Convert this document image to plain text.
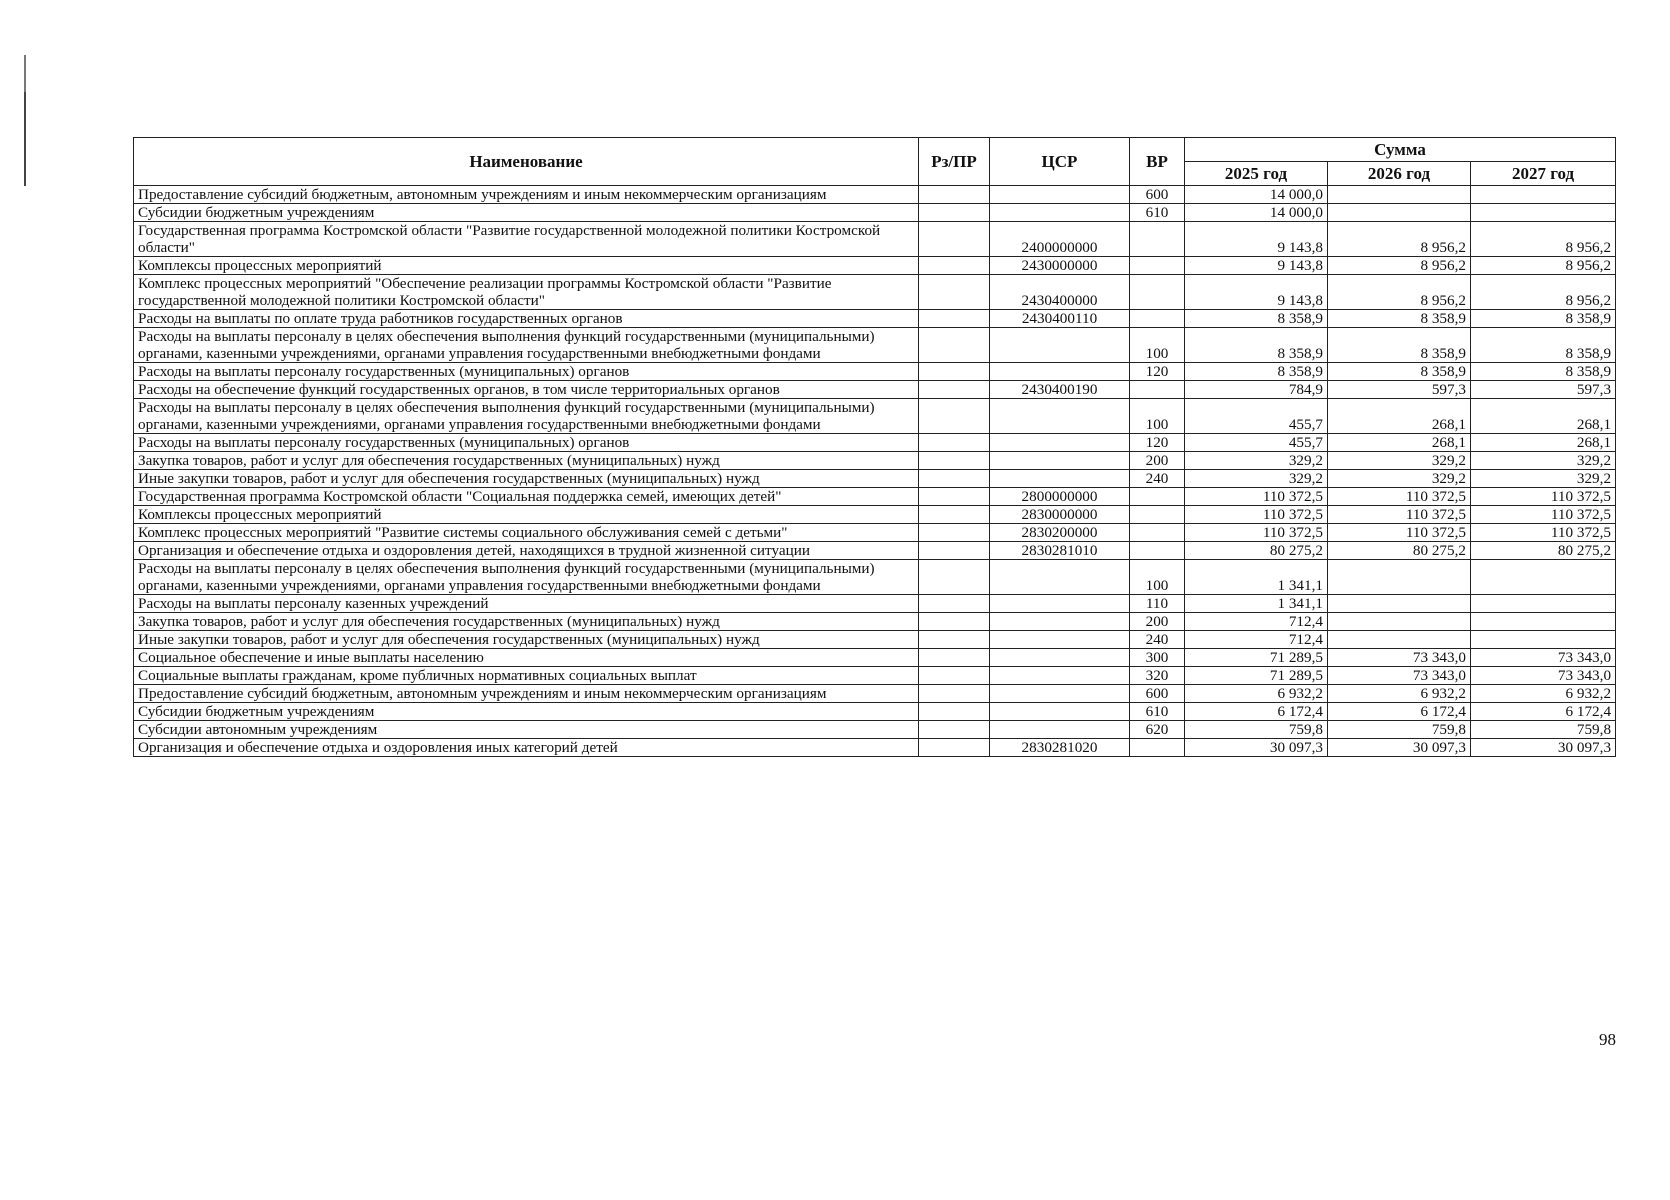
Наименование	Рз/ПР	ЦСР	ВР	Сумма		
				2025 год	2026 год	2027 год
Предоставление субсидий бюджетным, автономным учреждениям и иным некоммерческим организациям			600	14 000,0		
Субсидии бюджетным учреждениям			610	14 000,0		
Государственная программа Костромской области "Развитие государственной молодежной политики Костромской области"		2400000000		9 143,8	8 956,2	8 956,2
Комплексы процессных мероприятий		2430000000		9 143,8	8 956,2	8 956,2
Комплекс процессных мероприятий "Обеспечение реализации программы Костромской области "Развитие государственной молодежной политики Костромской области"		2430400000		9 143,8	8 956,2	8 956,2
Расходы на выплаты по оплате труда работников государственных органов		2430400110		8 358,9	8 358,9	8 358,9
Расходы на выплаты персоналу в целях обеспечения выполнения функций государственными (муниципальными) органами, казенными учреждениями, органами управления государственными внебюджетными фондами			100	8 358,9	8 358,9	8 358,9
Расходы на выплаты персоналу государственных (муниципальных) органов			120	8 358,9	8 358,9	8 358,9
Расходы на обеспечение функций государственных органов, в том числе территориальных органов		2430400190		784,9	597,3	597,3
Расходы на выплаты персоналу в целях обеспечения выполнения функций государственными (муниципальными) органами, казенными учреждениями, органами управления государственными внебюджетными фондами			100	455,7	268,1	268,1
Расходы на выплаты персоналу государственных (муниципальных) органов			120	455,7	268,1	268,1
Закупка товаров, работ и услуг для обеспечения государственных (муниципальных) нужд			200	329,2	329,2	329,2
Иные закупки товаров, работ и услуг для обеспечения государственных (муниципальных) нужд			240	329,2	329,2	329,2
Государственная программа Костромской области "Социальная поддержка семей, имеющих детей"		2800000000		110 372,5	110 372,5	110 372,5
Комплексы процессных мероприятий		2830000000		110 372,5	110 372,5	110 372,5
Комплекс процессных мероприятий "Развитие системы социального обслуживания семей с детьми"		2830200000		110 372,5	110 372,5	110 372,5
Организация и обеспечение отдыха и оздоровления детей, находящихся в трудной жизненной ситуации		2830281010		80 275,2	80 275,2	80 275,2
Расходы на выплаты персоналу в целях обеспечения выполнения функций государственными (муниципальными) органами, казенными учреждениями, органами управления государственными внебюджетными фондами			100	1 341,1		
Расходы на выплаты персоналу казенных учреждений			110	1 341,1		
Закупка товаров, работ и услуг для обеспечения государственных (муниципальных) нужд			200	712,4		
Иные закупки товаров, работ и услуг для обеспечения государственных (муниципальных) нужд			240	712,4		
Социальное обеспечение и иные выплаты населению			300	71 289,5	73 343,0	73 343,0
Социальные выплаты гражданам, кроме публичных нормативных социальных выплат			320	71 289,5	73 343,0	73 343,0
Предоставление субсидий бюджетным, автономным учреждениям и иным некоммерческим организациям			600	6 932,2	6 932,2	6 932,2
Субсидии бюджетным учреждениям			610	6 172,4	6 172,4	6 172,4
Субсидии автономным учреждениям			620	759,8	759,8	759,8
Организация и обеспечение отдыха и оздоровления иных категорий детей		2830281020		30 097,3	30 097,3	30 097,3
98
